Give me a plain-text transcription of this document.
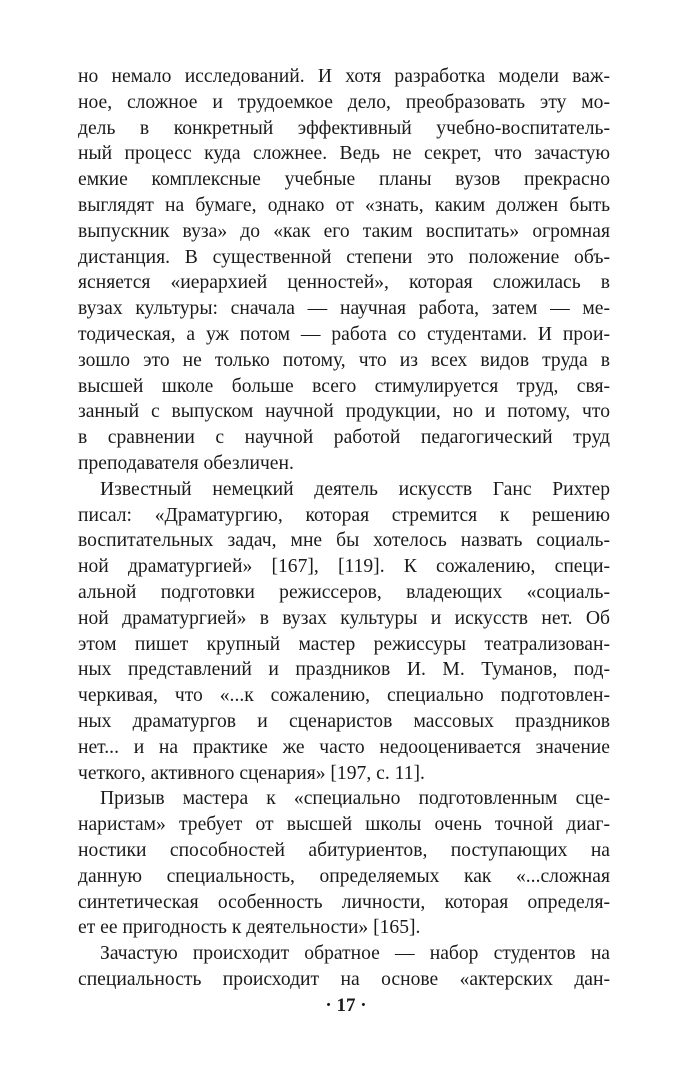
но немало исследований. И хотя разработка модели важ-
ное, сложное и трудоемкое дело, преобразовать эту мо-
дель в конкретный эффективный учебно-воспитатель-
ный процесс куда сложнее. Ведь не секрет, что зачастую
емкие комплексные учебные планы вузов прекрасно
выглядят на бумаге, однако от «знать, каким должен быть
выпускник вуза» до «как его таким воспитать» огромная
дистанция. В существенной степени это положение объ-
ясняется «иерархией ценностей», которая сложилась в
вузах культуры: сначала — научная работа, затем — ме-
тодическая, а уж потом — работа со студентами. И прои-
зошло это не только потому, что из всех видов труда в
высшей школе больше всего стимулируется труд, свя-
занный с выпуском научной продукции, но и потому, что
в сравнении с научной работой педагогический труд
преподавателя обезличен.
Известный немецкий деятель искусств Ганс Рихтер
писал: «Драматургию, которая стремится к решению
воспитательных задач, мне бы хотелось назвать социаль-
ной драматургией» [167], [119]. К сожалению, специ-
альной подготовки режиссеров, владеющих «социаль-
ной драматургией» в вузах культуры и искусств нет. Об
этом пишет крупный мастер режиссуры театрализован-
ных представлений и праздников И. М. Туманов, под-
черкивая, что «...к сожалению, специально подготовлен-
ных драматургов и сценаристов массовых праздников
нет... и на практике же часто недооценивается значение
четкого, активного сценария» [197, с. 11].
Призыв мастера к «специально подготовленным сце-
наристам» требует от высшей школы очень точной диаг-
ностики способностей абитуриентов, поступающих на
данную специальность, определяемых как «...сложная
синтетическая особенность личности, которая определя-
ет ее пригодность к деятельности» [165].
Зачастую происходит обратное — набор студентов на
специальность происходит на основе «актерских дан-
· 17 ·
